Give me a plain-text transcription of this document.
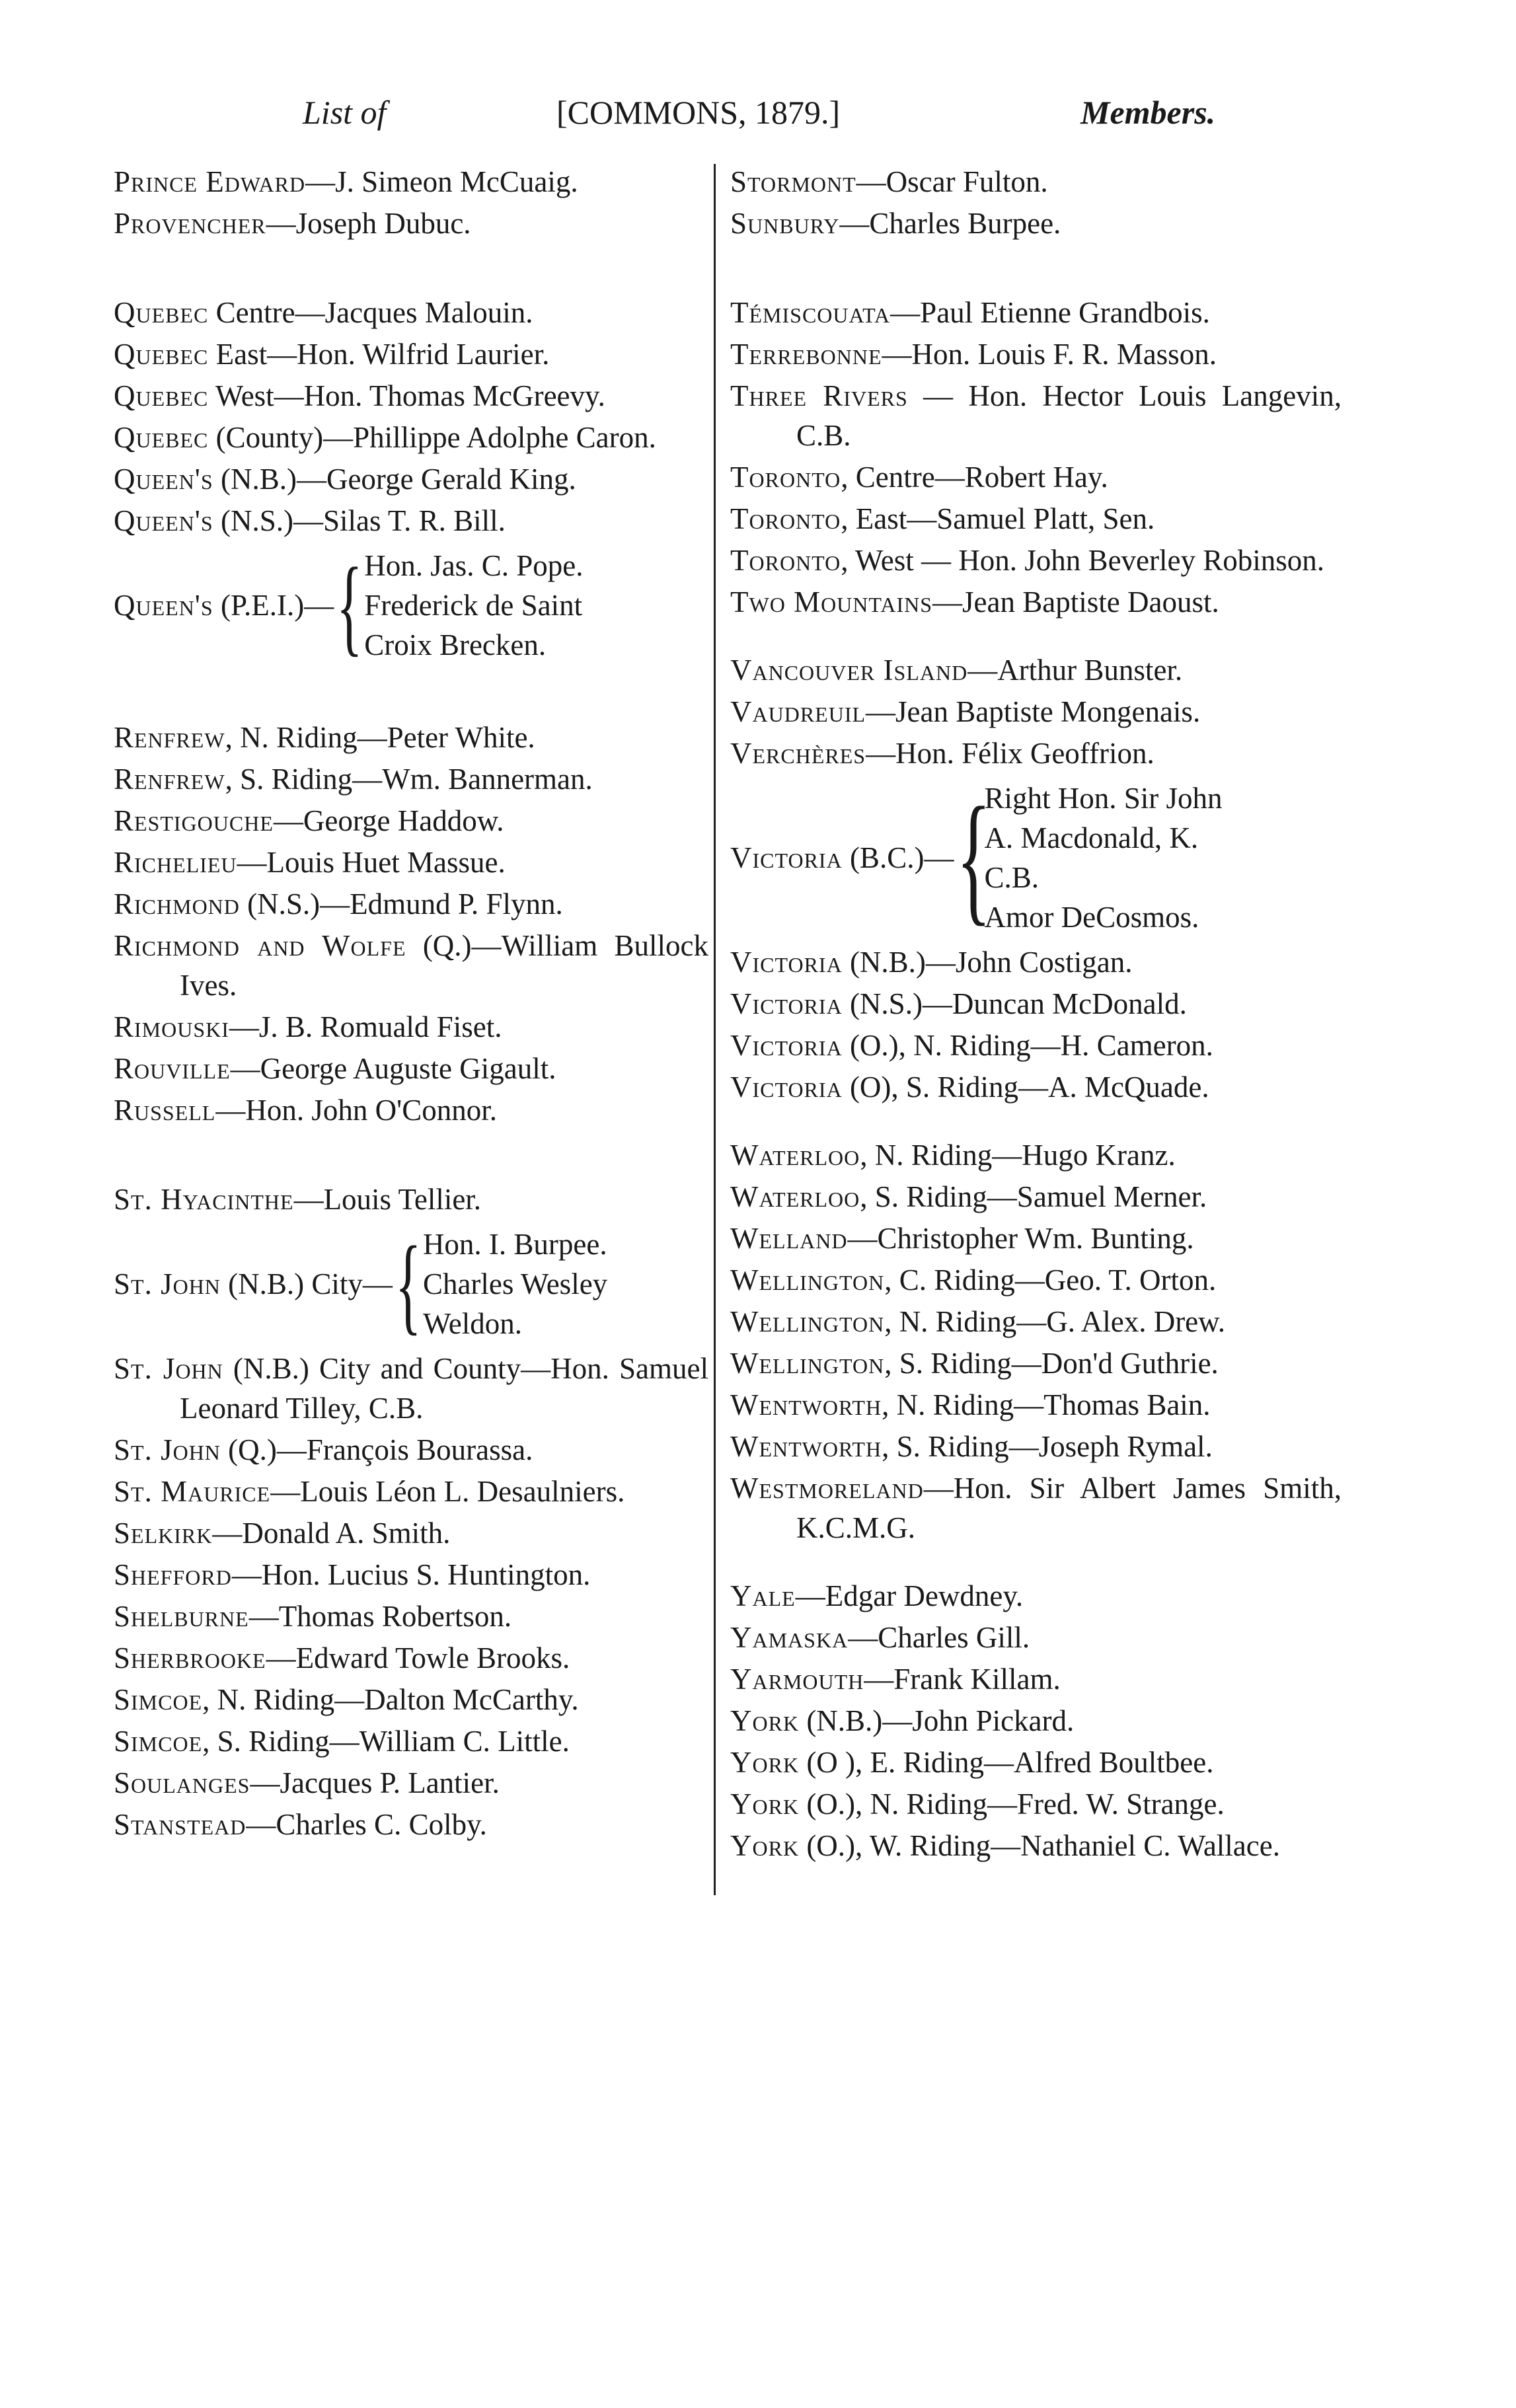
List of	[COMMONS, 1879.]	Members.
Prince Edward—J. Simeon McCuaig.
Provencher—Joseph Dubuc.
Quebec Centre—Jacques Malouin.
Quebec East—Hon. Wilfrid Laurier.
Quebec West—Hon. Thomas McGreevy.
Quebec (County)—Phillippe Adolphe Caron.
Queen's (N.B.)—George Gerald King.
Queen's (N.S.)—Silas T. R. Bill.
Queen's (P.E.I.)— { Hon. Jas. C. Pope.
Frederick de Saint
Croix Brecken.
Renfrew, N. Riding—Peter White.
Renfrew, S. Riding—Wm. Bannerman.
Restigouche—George Haddow.
Richelieu—Louis Huet Massue.
Richmond (N.S.)—Edmund P. Flynn.
Richmond and Wolfe (Q.)—William Bullock Ives.
Rimouski—J. B. Romuald Fiset.
Rouville—George Auguste Gigault.
Russell—Hon. John O'Connor.
St. Hyacinthe—Louis Tellier.
St. John (N.B.) City— { Hon. I. Burpee.
Charles Wesley
Weldon.
St. John (N.B.) City and County—Hon. Samuel Leonard Tilley, C.B.
St. John (Q.)—François Bourassa.
St. Maurice—Louis Léon L. Desaulniers.
Selkirk—Donald A. Smith.
Shefford—Hon. Lucius S. Huntington.
Shelburne—Thomas Robertson.
Sherbrooke—Edward Towle Brooks.
Simcoe, N. Riding—Dalton McCarthy.
Simcoe, S. Riding—William C. Little.
Soulanges—Jacques P. Lantier.
Stanstead—Charles C. Colby.
Stormont—Oscar Fulton.
Sunbury—Charles Burpee.
Témiscouata—Paul Etienne Grandbois.
Terrebonne—Hon. Louis F. R. Masson.
Three Rivers — Hon. Hector Louis Langevin, C.B.
Toronto, Centre—Robert Hay.
Toronto, East—Samuel Platt, Sen.
Toronto, West — Hon. John Beverley Robinson.
Two Mountains—Jean Baptiste Daoust.
Vancouver Island—Arthur Bunster.
Vaudreuil—Jean Baptiste Mongenais.
Verchères—Hon. Félix Geoffrion.
Victoria (B.C.)— {
Right Hon. Sir John
A. Macdonald, K.
C.B.
Amor DeCosmos.
Victoria (N.B.)—John Costigan.
Victoria (N.S.)—Duncan McDonald.
Victoria (O.), N. Riding—H. Cameron.
Victoria (O), S. Riding—A. McQuade.
Waterloo, N. Riding—Hugo Kranz.
Waterloo, S. Riding—Samuel Merner.
Welland—Christopher Wm. Bunting.
Wellington, C. Riding—Geo. T. Orton.
Wellington, N. Riding—G. Alex. Drew.
Wellington, S. Riding—Don'd Guthrie.
Wentworth, N. Riding—Thomas Bain.
Wentworth, S. Riding—Joseph Rymal.
Westmoreland—Hon. Sir Albert James Smith, K.C.M.G.
Yale—Edgar Dewdney.
Yamaska—Charles Gill.
Yarmouth—Frank Killam.
York (N.B.)—John Pickard.
York (O ), E. Riding—Alfred Boultbee.
York (O.), N. Riding—Fred. W. Strange.
York (O.), W. Riding—Nathaniel C. Wallace.
